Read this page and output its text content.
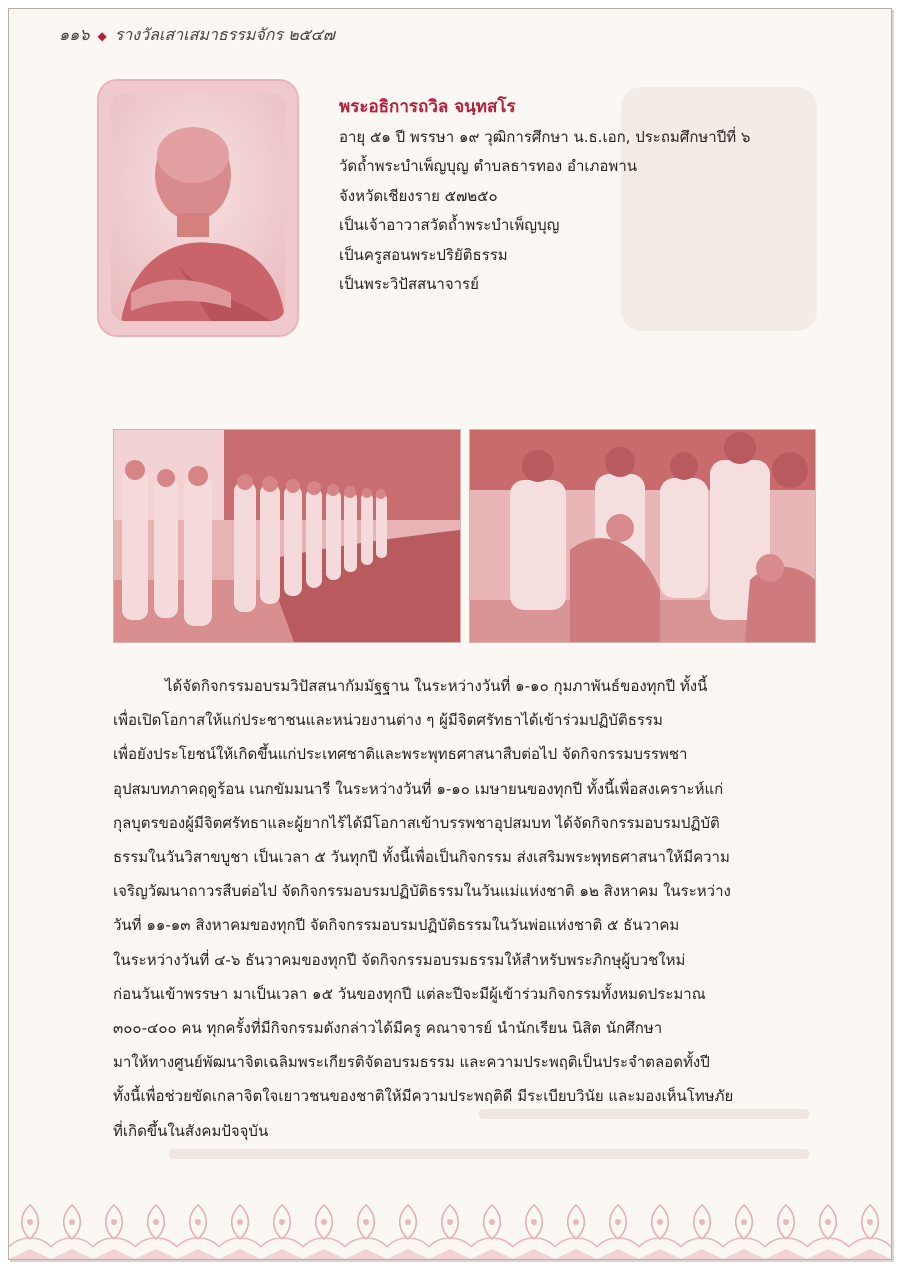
๑๑๖ ◆ รางวัลเสาเสมาธรรมจักร ๒๕๔๗
พระอธิการถวิล จนฺทสโร
อายุ ๕๑ ปี พรรษา ๑๙ วุฒิการศึกษา น.ธ.เอก, ประถมศึกษาปีที่ ๖
วัดถ้ำพระบำเพ็ญบุญ ตำบลธารทอง อำเภอพาน
จังหวัดเชียงราย ๕๗๒๕๐
เป็นเจ้าอาวาสวัดถ้ำพระบำเพ็ญบุญ
เป็นครูสอนพระปริยัติธรรม
เป็นพระวิปัสสนาจารย์
ได้จัดกิจกรรมอบรมวิปัสสนากัมมัฐฐาน ในระหว่างวันที่ ๑-๑๐ กุมภาพันธ์ของทุกปี ทั้งนี้
เพื่อเปิดโอกาสให้แก่ประชาชนและหน่วยงานต่าง ๆ ผู้มีจิตศรัทธาได้เข้าร่วมปฏิบัติธรรม
เพื่อยังประโยชน์ให้เกิดขึ้นแก่ประเทศชาติและพระพุทธศาสนาสืบต่อไป จัดกิจกรรมบรรพชา
อุปสมบทภาคฤดูร้อน เนกขัมมนารี ในระหว่างวันที่ ๑-๑๐ เมษายนของทุกปี ทั้งนี้เพื่อสงเคราะห์แก่
กุลบุตรของผู้มีจิตศรัทธาและผู้ยากไร้ได้มีโอกาสเข้าบรรพชาอุปสมบท ได้จัดกิจกรรมอบรมปฏิบัติ
ธรรมในวันวิสาขบูชา เป็นเวลา ๕ วันทุกปี ทั้งนี้เพื่อเป็นกิจกรรม ส่งเสริมพระพุทธศาสนาให้มีความ
เจริญวัฒนาถาวรสืบต่อไป จัดกิจกรรมอบรมปฏิบัติธรรมในวันแม่แห่งชาติ ๑๒ สิงหาคม ในระหว่าง
วันที่ ๑๑-๑๓ สิงหาคมของทุกปี จัดกิจกรรมอบรมปฏิบัติธรรมในวันพ่อแห่งชาติ ๕ ธันวาคม
ในระหว่างวันที่ ๔-๖ ธันวาคมของทุกปี จัดกิจกรรมอบรมธรรมให้สำหรับพระภิกษุผู้บวชใหม่
ก่อนวันเข้าพรรษา มาเป็นเวลา ๑๕ วันของทุกปี แต่ละปีจะมีผู้เข้าร่วมกิจกรรมทั้งหมดประมาณ
๓๐๐-๔๐๐ คน ทุกครั้งที่มีกิจกรรมดังกล่าวได้มีครู คณาจารย์ นำนักเรียน นิสิต นักศึกษา
มาให้ทางศูนย์พัฒนาจิตเฉลิมพระเกียรติจัดอบรมธรรม และความประพฤติเป็นประจำตลอดทั้งปี
ทั้งนี้เพื่อช่วยขัดเกลาจิตใจเยาวชนของชาติให้มีความประพฤติดี มีระเบียบวินัย และมองเห็นโทษภัย
ที่เกิดขึ้นในสังคมปัจจุบัน
